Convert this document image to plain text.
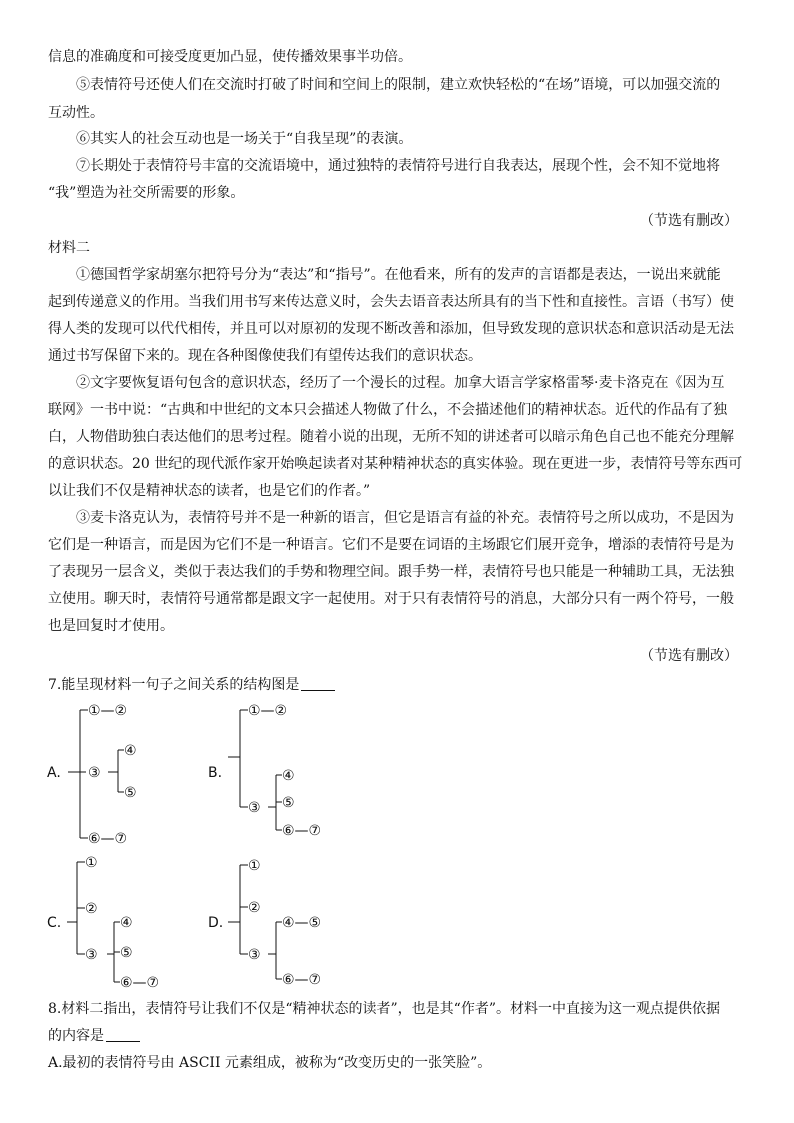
信息的准确度和可接受度更加凸显，使传播效果事半功倍。
⑤表情符号还使人们在交流时打破了时间和空间上的限制，建立欢快轻松的“在场”语境，可以加强交流的
互动性。
⑥其实人的社会互动也是一场关于“自我呈现”的表演。
⑦长期处于表情符号丰富的交流语境中，通过独特的表情符号进行自我表达，展现个性，会不知不觉地将
“我”塑造为社交所需要的形象。
（节选有删改）
材料二
①德国哲学家胡塞尔把符号分为“表达”和“指号”。在他看来，所有的发声的言语都是表达，一说出来就能
起到传递意义的作用。当我们用书写来传达意义时，会失去语音表达所具有的当下性和直接性。言语（书写）使
得人类的发现可以代代相传，并且可以对原初的发现不断改善和添加，但导致发现的意识状态和意识活动是无法
通过书写保留下来的。现在各种图像使我们有望传达我们的意识状态。
②文字要恢复语句包含的意识状态，经历了一个漫长的过程。加拿大语言学家格雷琴·麦卡洛克在《因为互
联网》一书中说：“古典和中世纪的文本只会描述人物做了什么，不会描述他们的精神状态。近代的作品有了独
白，人物借助独白表达他们的思考过程。随着小说的出现，无所不知的讲述者可以暗示角色自己也不能充分理解
的意识状态。20 世纪的现代派作家开始唤起读者对某种精神状态的真实体验。现在更进一步，表情符号等东西可
以让我们不仅是精神状态的读者，也是它们的作者。”
③麦卡洛克认为，表情符号并不是一种新的语言，但它是语言有益的补充。表情符号之所以成功，不是因为
它们是一种语言，而是因为它们不是一种语言。它们不是要在词语的主场跟它们展开竞争，增添的表情符号是为
了表现另一层含义，类似于表达我们的手势和物理空间。跟手势一样，表情符号也只能是一种辅助工具，无法独
立使用。聊天时，表情符号通常都是跟文字一起使用。对于只有表情符号的消息，大部分只有一两个符号，一般
也是回复时才使用。
（节选有删改）
7.能呈现材料一句子之间关系的结构图是
A.
①—②
③
④
⑤
⑥—⑦
B.
①—②
③
④
⑤
⑥—⑦
C.
①
②
③
④
⑤
⑥—⑦
D.
①
②
③
④—⑤
⑥—⑦
8.材料二指出，表情符号让我们不仅是“精神状态的读者”，也是其“作者”。材料一中直接为这一观点提供依据
的内容是
A.最初的表情符号由 ASCII 元素组成，被称为“改变历史的一张笑脸”。
